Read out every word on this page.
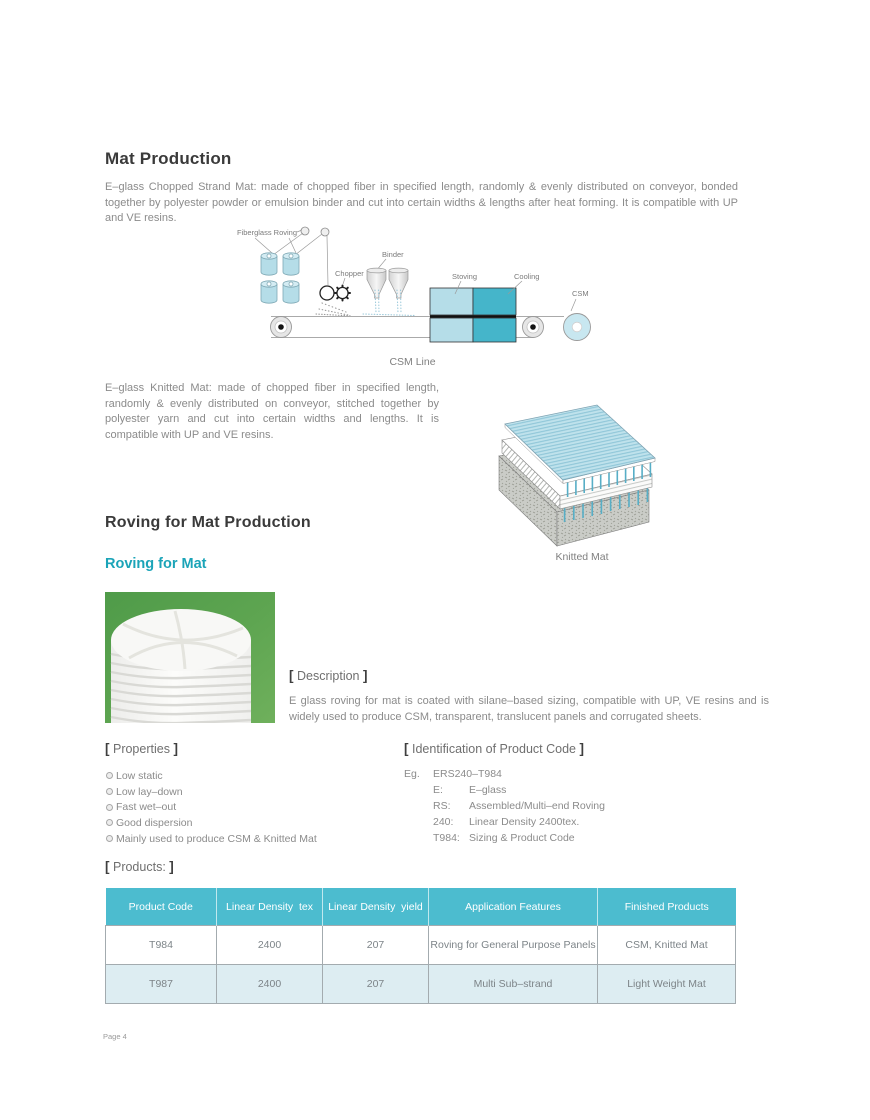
Mat Production
E–glass Chopped Strand Mat: made of chopped fiber in specified length, randomly & evenly distributed on conveyor, bonded together by polyester powder or emulsion binder and cut into certain widths & lengths after heat forming. It is compatible with UP and VE resins.
Fiberglass Roving
Chopper
Binder
Stoving	Cooling
CSM
CSM Line
E–glass Knitted Mat: made of chopped fiber in specified length, randomly & evenly distributed on conveyor, stitched together by polyester yarn and cut into certain widths and lengths. It is compatible with UP and VE resins.
Knitted Mat
Roving for Mat Production
Roving for Mat
[ Description ]
E glass roving for mat is coated with silane–based sizing, compatible with UP, VE resins and is widely used to produce CSM, transparent, translucent panels and corrugated sheets.
[ Properties ]
Low static
Low lay–down
Fast wet–out
Good dispersion
Mainly used to produce CSM & Knitted Mat
[ Identification of Product Code ]
Eg.	ERS240–T984
E:	E–glass
RS:	Assembled/Multi–end Roving
240:	Linear Density 2400tex.
T984: Sizing & Product Code
[ Products: ]
Product Code	Linear Density  tex	Linear Density  yield	Application Features	Finished Products
T984	2400	207	Roving for General Purpose Panels	CSM, Knitted Mat
T987	2400	207	Multi Sub–strand	Light Weight Mat
Page 4
